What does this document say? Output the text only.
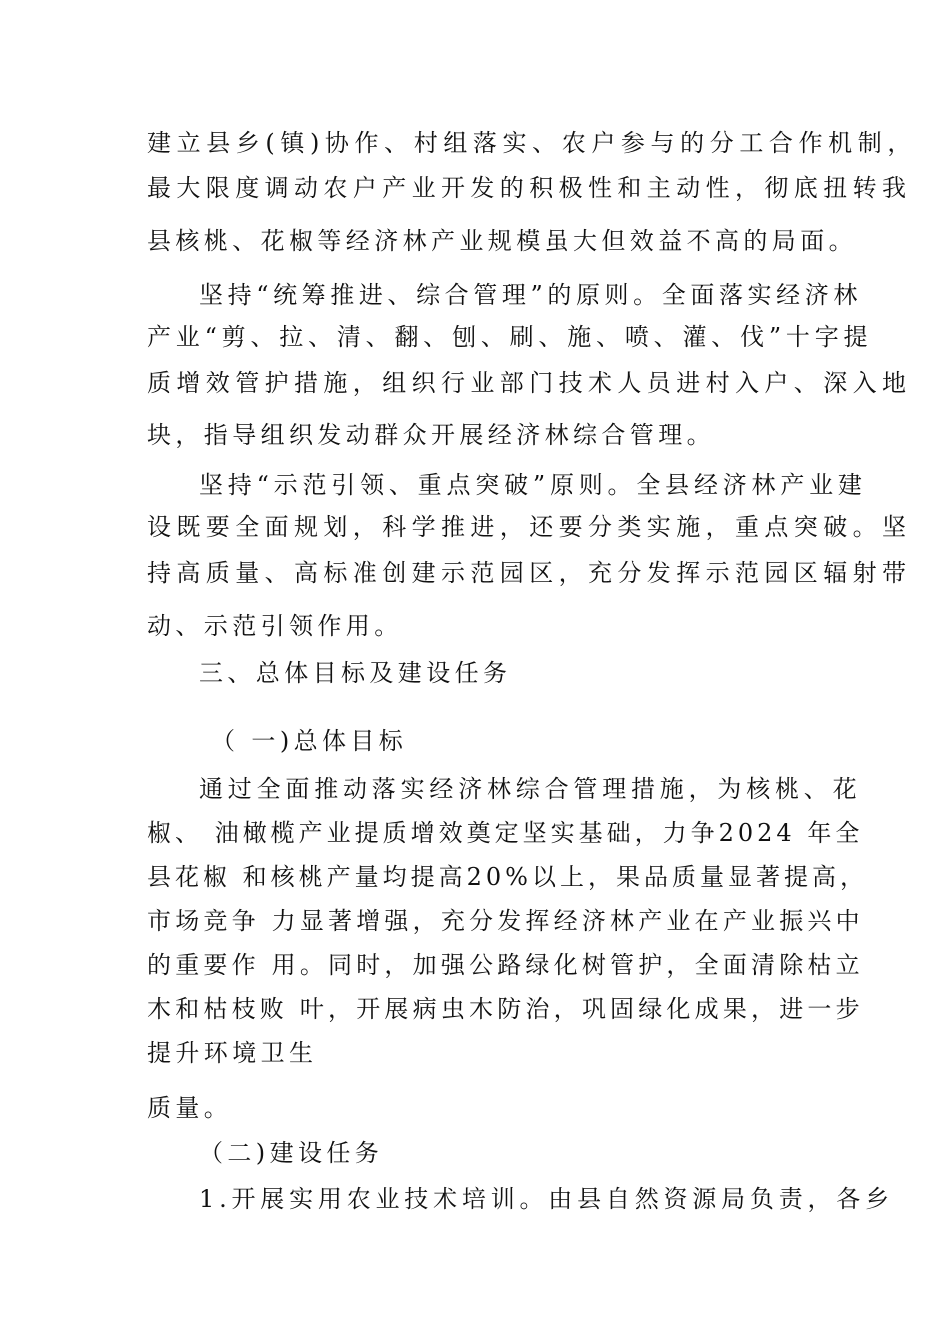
建立县乡(镇)协作、村组落实、农户参与的分工合作机制，
最大限度调动农户产业开发的积极性和主动性，彻底扭转我
县核桃、花椒等经济林产业规模虽大但效益不高的局面。
坚持“统筹推进、综合管理”的原则。全面落实经济林
产业“剪、拉、清、翻、刨、刷、施、喷、灌、伐”十字提
质增效管护措施，组织行业部门技术人员进村入户、深入地
块，指导组织发动群众开展经济林综合管理。
坚持“示范引领、重点突破”原则。全县经济林产业建
设既要全面规划，科学推进，还要分类实施，重点突破。坚
持高质量、高标准创建示范园区，充分发挥示范园区辐射带
动、示范引领作用。
三、总体目标及建设任务
（ 一)总体目标
通过全面推动落实经济林综合管理措施，为核桃、花
椒、 油橄榄产业提质增效奠定坚实基础，力争2024 年全
县花椒 和核桃产量均提高20%以上，果品质量显著提高，
市场竞争 力显著增强，充分发挥经济林产业在产业振兴中
的重要作 用。同时，加强公路绿化树管护，全面清除枯立
木和枯枝败 叶，开展病虫木防治，巩固绿化成果，进一步
提升环境卫生
质量。
（二)建设任务
1.开展实用农业技术培训。由县自然资源局负责，各乡
